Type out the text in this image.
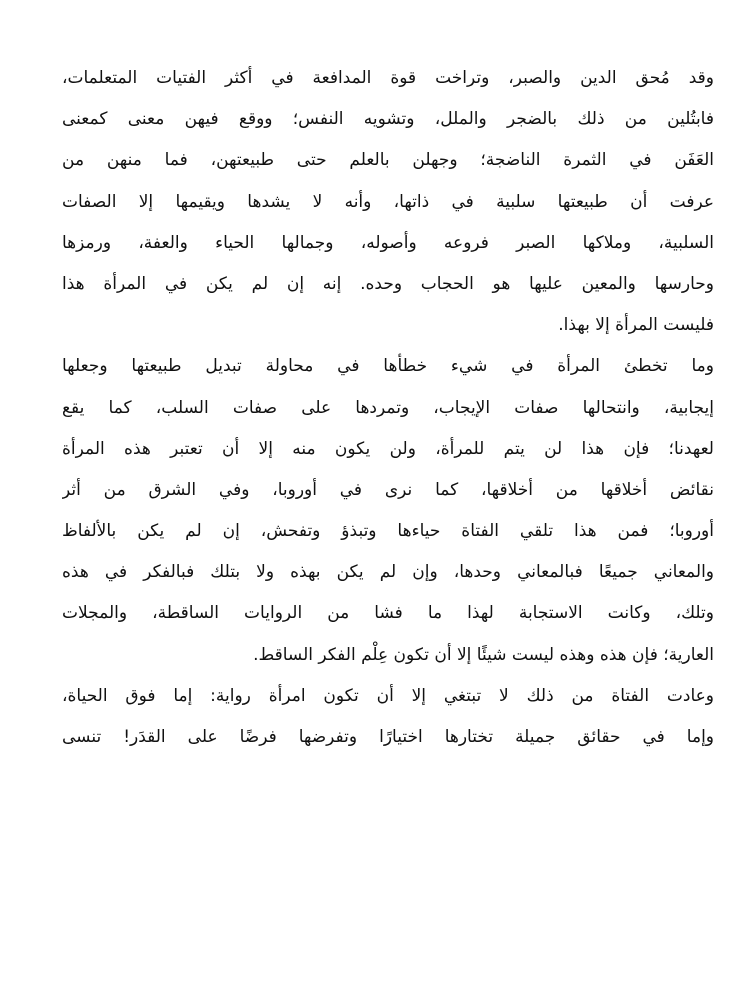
وقد مُحق الدين والصبر، وتراخت قوة المدافعة في أكثر الفتيات المتعلمات،
فابتُلين من ذلك بالضجر والملل، وتشويه النفس؛ ووقع فيهن معنى كمعنى
العَفَن في الثمرة الناضجة؛ وجهلن بالعلم حتى طبيعتهن، فما منهن من
عرفت أن طبيعتها سلبية في ذاتها، وأنه لا يشدها ويقيمها إلا الصفات
السلبية، وملاكها الصبر فروعه وأصوله، وجمالها الحياء والعفة، ورمزها
وحارسها والمعين عليها هو الحجاب وحده. إنه إن لم يكن في المرأة هذا
فليست المرأة إلا بهذا.
وما تخطئ المرأة في شيء خطأها في محاولة تبديل طبيعتها وجعلها
إيجابية، وانتحالها صفات الإيجاب، وتمردها على صفات السلب، كما يقع
لعهدنا؛ فإن هذا لن يتم للمرأة، ولن يكون منه إلا أن تعتبر هذه المرأة
نقائض أخلاقها من أخلاقها، كما نرى في أوروبا، وفي الشرق من أثر
أوروبا؛ فمن هذا تلقي الفتاة حياءها وتبذؤ وتفحش، إن لم يكن بالألفاظ
والمعاني جميعًا فبالمعاني وحدها، وإن لم يكن بهذه ولا بتلك فبالفكر في هذه
وتلك، وكانت الاستجابة لهذا ما فشا من الروايات الساقطة، والمجلات
العارية؛ فإن هذه وهذه ليست شيئًا إلا أن تكون عِلْم الفكر الساقط.
وعادت الفتاة من ذلك لا تبتغي إلا أن تكون امرأة رواية: إما فوق الحياة،
وإما في حقائق جميلة تختارها اختيارًا وتفرضها فرضًا على القدَر! تنسى
